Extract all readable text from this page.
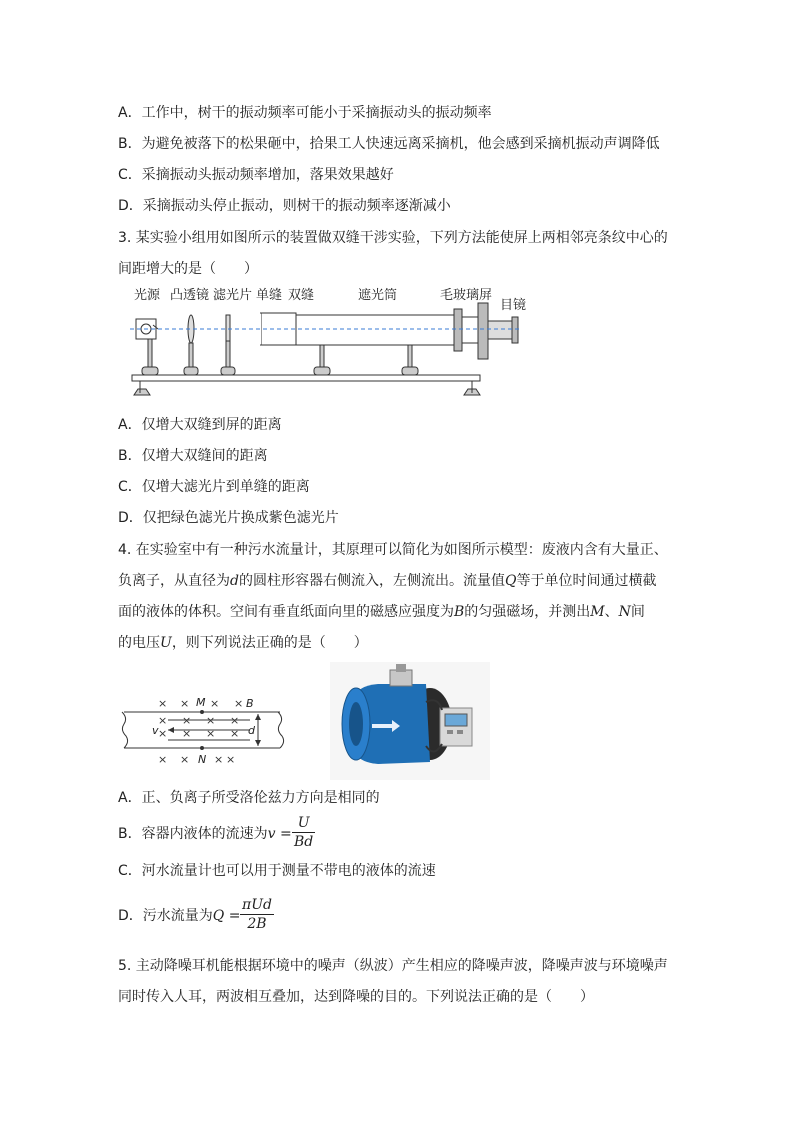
A．工作中，树干的振动频率可能小于采摘振动头的振动频率
B．为避免被落下的松果砸中，拾果工人快速远离采摘机，他会感到采摘机振动声调降低
C．采摘振动头振动频率增加，落果效果越好
D．采摘振动头停止振动，则树干的振动频率逐渐减小
3. 某实验小组用如图所示的装置做双缝干涉实验，下列方法能使屏上两相邻亮条纹中心的
间距增大的是（　　）
光源 凸透镜 滤光片 单缝 双缝	遮光筒	毛玻璃屏
目镜
A．仅增大双缝到屏的距离
B．仅增大双缝间的距离
C．仅增大滤光片到单缝的距离
D．仅把绿色滤光片换成紫色滤光片
4. 在实验室中有一种污水流量计，其原理可以简化为如图所示模型：废液内含有大量正、
负离子，从直径为d的圆柱形容器右侧流入，左侧流出。流量值Q等于单位时间通过横截
面的液体的体积。空间有垂直纸面向里的磁感应强度为B的匀强磁场，并测出M、N间
的电压U，则下列说法正确的是（　　）
× × × ×
× × × ×
× × × ×
× × × ×
M
N
B
v	d
A．正、负离子所受洛伦兹力方向是相同的
B．容器内液体的流速为$v = \frac{U}{Bd}$
C．河水流量计也可以用于测量不带电的液体的流速
D．污水流量为Q =
πUd
2B
5. 主动降噪耳机能根据环境中的噪声（纵波）产生相应的降噪声波，降噪声波与环境噪声
同时传入人耳，两波相互叠加，达到降噪的目的。下列说法正确的是（　　）
